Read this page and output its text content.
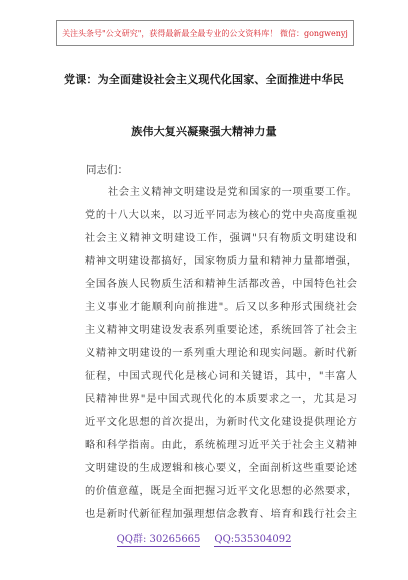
关注头条号"公文研究"，获得最新最全最专业的公文资料库！ 微信：gongwenyj
党课：为全面建设社会主义现代化国家、全面推进中华民
族伟大复兴凝聚强大精神力量
同志们：
社会主义精神文明建设是党和国家的一项重要工作。
党的十八大以来，以习近平同志为核心的党中央高度重视
社会主义精神文明建设工作，强调"只有物质文明建设和
精神文明建设都搞好，国家物质力量和精神力量都增强，
全国各族人民物质生活和精神生活都改善，中国特色社会
主义事业才能顺利向前推进"。后又以多种形式围绕社会
主义精神文明建设发表系列重要论述，系统回答了社会主
义精神文明建设的一系列重大理论和现实问题。新时代新
征程，中国式现代化是核心词和关键语，其中，"丰富人
民精神世界"是中国式现代化的本质要求之一，尤其是习
近平文化思想的首次提出，为新时代文化建设提供理论方
略和科学指南。由此，系统梳理习近平关于社会主义精神
文明建设的生成逻辑和核心要义，全面剖析这些重要论述
的价值意蕴，既是全面把握习近平文化思想的必然要求，
也是新时代新征程加强理想信念教育、培育和践行社会主
QQ群: 30265665 QQ:535304092
